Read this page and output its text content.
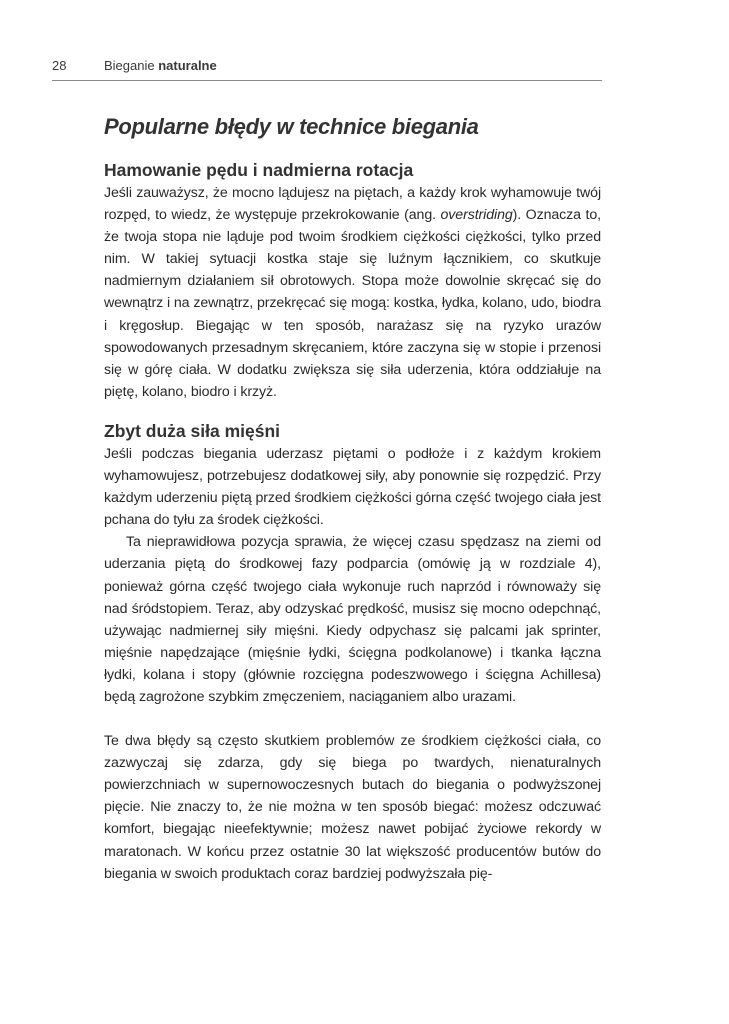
28	Bieganie naturalne
Popularne błędy w technice biegania
Hamowanie pędu i nadmierna rotacja

Jeśli zauważysz, że mocno lądujesz na piętach, a każdy krok wyhamowuje twój rozpęd, to wiedz, że występuje przekrokowanie (ang. overstriding). Oznacza to, że twoja stopa nie ląduje pod twoim środkiem ciężkości ciężkości, tylko przed nim. W takiej sytuacji kostka staje się luźnym łącznikiem, co skutkuje nadmiernym działaniem sił obrotowych. Stopa może dowolnie skręcać się do wewnątrz i na zewnątrz, przekręcać się mogą: kostka, łydka, kolano, udo, biodra i kręgosłup. Biegając w ten sposób, narażasz się na ryzyko urazów spowodowanych przesadnym skręcaniem, które zaczyna się w stopie i przenosi się w górę ciała. W dodatku zwiększa się siła uderzenia, która oddziałuje na piętę, kolano, biodro i krzyż.

Zbyt duża siła mięśni

Jeśli podczas biegania uderzasz piętami o podłoże i z każdym krokiem wyhamowujesz, potrzebujesz dodatkowej siły, aby ponownie się rozpędzić. Przy każdym uderzeniu piętą przed środkiem ciężkości górna część twojego ciała jest pchana do tyłu za środek ciężkości.

Ta nieprawidłowa pozycja sprawia, że więcej czasu spędzasz na ziemi od uderzania piętą do środkowej fazy podparcia (omówię ją w rozdziale 4), ponieważ górna część twojego ciała wykonuje ruch naprzód i równoważy się nad śródstopiem. Teraz, aby odzyskać prędkość, musisz się mocno odepchnąć, używając nadmiernej siły mięśni. Kiedy odpychasz się palcami jak sprinter, mięśnie napędzające (mięśnie łydki, ścięgna podkolanowe) i tkanka łączna łydki, kolana i stopy (głównie rozcięgna podeszwowego i ścięgna Achillesa) będą zagrożone szybkim zmęczeniem, naciąganiem albo urazami.

Te dwa błędy są często skutkiem problemów ze środkiem ciężkości ciała, co zazwyczaj się zdarza, gdy się biega po twardych, nienaturalnych powierzchniach w supernowoczesnych butach do biegania o podwyższonej pięcie. Nie znaczy to, że nie można w ten sposób biegać: możesz odczuwać komfort, biegając nieefektywnie; możesz nawet pobijać życiowe rekordy w maratonach. W końcu przez ostatnie 30 lat większość producentów butów do biegania w swoich produktach coraz bardziej podwyższała pię-
